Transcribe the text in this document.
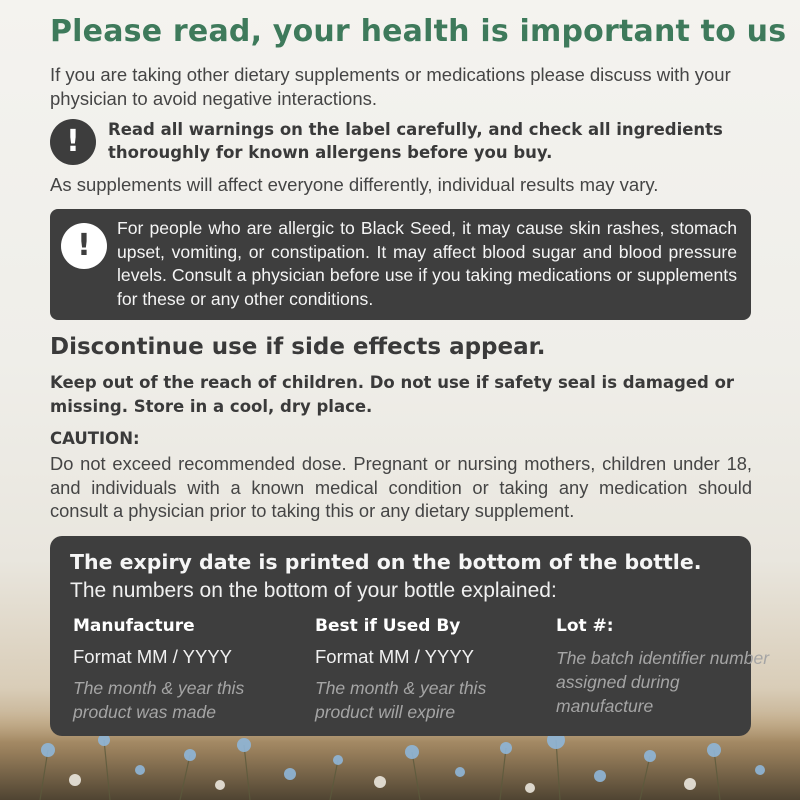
Please read, your health is important to us
If you are taking other dietary supplements or medications please discuss with your physician to avoid negative interactions.
!	Read all warnings on the label carefully, and check all ingredients thoroughly for known allergens before you buy.
As supplements will affect everyone differently, individual results may vary.
!	For people who are allergic to Black Seed, it may cause skin rashes, stomach upset, vomiting, or constipation. It may affect blood sugar and blood pressure levels. Consult a physician before use if you taking medications or supplements for these or any other conditions.
Discontinue use if side effects appear.
Keep out of the reach of children. Do not use if safety seal is damaged or missing. Store in a cool, dry place.
CAUTION:
Do not exceed recommended dose. Pregnant or nursing mothers, children under 18, and individuals with a known medical condition or taking any medication should consult a physician prior to taking this or any dietary supplement.
The expiry date is printed on the bottom of the bottle.
The numbers on the bottom of your bottle explained:
Manufacture
Format MM / YYYY
The month & year this product was made
Best if Used By
Format MM / YYYY
The month & year this product will expire
Lot #:
The batch identifier number assigned during manufacture
